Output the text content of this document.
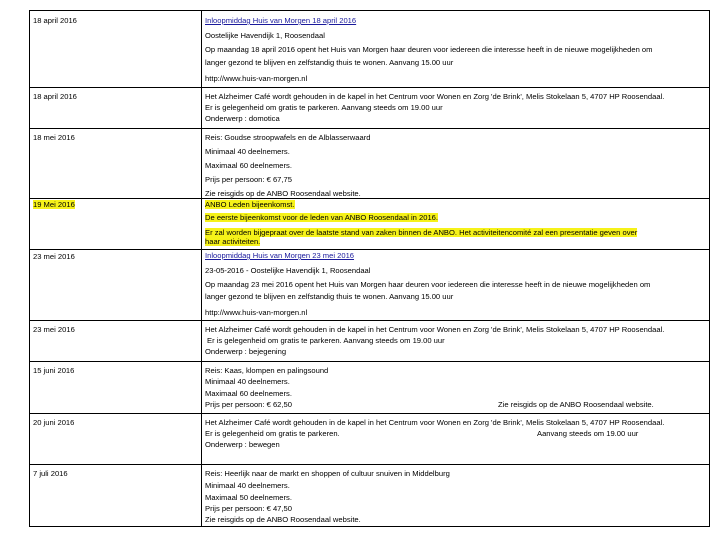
18 april 2016	Inloopmiddag Huis van Morgen 18 april 2016
Oostelijke Havendijk 1, Roosendaal
Op maandag 18 april 2016 opent het Huis van Morgen haar deuren voor iedereen die interesse heeft in de nieuwe mogelijkheden om
langer gezond te blijven en zelfstandig thuis te wonen. Aanvang 15.00 uur
http://www.huis-van-morgen.nl
18 april 2016	Het Alzheimer Café wordt gehouden in de kapel in het Centrum voor Wonen en Zorg 'de Brink', Melis Stokelaan 5, 4707 HP Roosendaal.
Er is gelegenheid om gratis te parkeren. Aanvang steeds om 19.00 uur
Onderwerp : domotica
18 mei 2016	Reis: Goudse stroopwafels en de Alblasserwaard
Minimaal 40 deelnemers.
Maximaal 60 deelnemers.
Prijs per persoon: € 67,75
Zie reisgids op de ANBO Roosendaal website.
19 Mei 2016	ANBO Leden bijeenkomst.
De eerste bijeenkomst voor de leden van ANBO Roosendaal in 2016.
Er zal worden bijgepraat over de laatste stand van zaken binnen de ANBO. Het activiteitencomité zal een presentatie geven over
haar activiteiten.
23 mei 2016	Inloopmiddag Huis van Morgen 23 mei 2016
23-05-2016 - Oostelijke Havendijk 1, Roosendaal
Op maandag 23 mei 2016 opent het Huis van Morgen haar deuren voor iedereen die interesse heeft in de nieuwe mogelijkheden om
langer gezond te blijven en zelfstandig thuis te wonen. Aanvang 15.00 uur
http://www.huis-van-morgen.nl
23 mei 2016	Het Alzheimer Café wordt gehouden in de kapel in het Centrum voor Wonen en Zorg 'de Brink', Melis Stokelaan 5, 4707 HP Roosendaal.
Er is gelegenheid om gratis te parkeren. Aanvang steeds om 19.00 uur
Onderwerp : bejegening
15 juni 2016	Reis: Kaas, klompen en palingsound
Minimaal 40 deelnemers.
Maximaal 60 deelnemers.
Prijs per persoon: € 62,50	Zie reisgids op de ANBO Roosendaal website.
20 juni 2016	Het Alzheimer Café wordt gehouden in de kapel in het Centrum voor Wonen en Zorg 'de Brink', Melis Stokelaan 5, 4707 HP Roosendaal.
Er is gelegenheid om gratis te parkeren.	Aanvang steeds om 19.00 uur
Onderwerp : bewegen
7 juli 2016	Reis: Heerlijk naar de markt en shoppen of cultuur snuiven in Middelburg
Minimaal 40 deelnemers.
Maximaal 50 deelnemers.
Prijs per persoon: € 47,50
Zie reisgids op de ANBO Roosendaal website.
